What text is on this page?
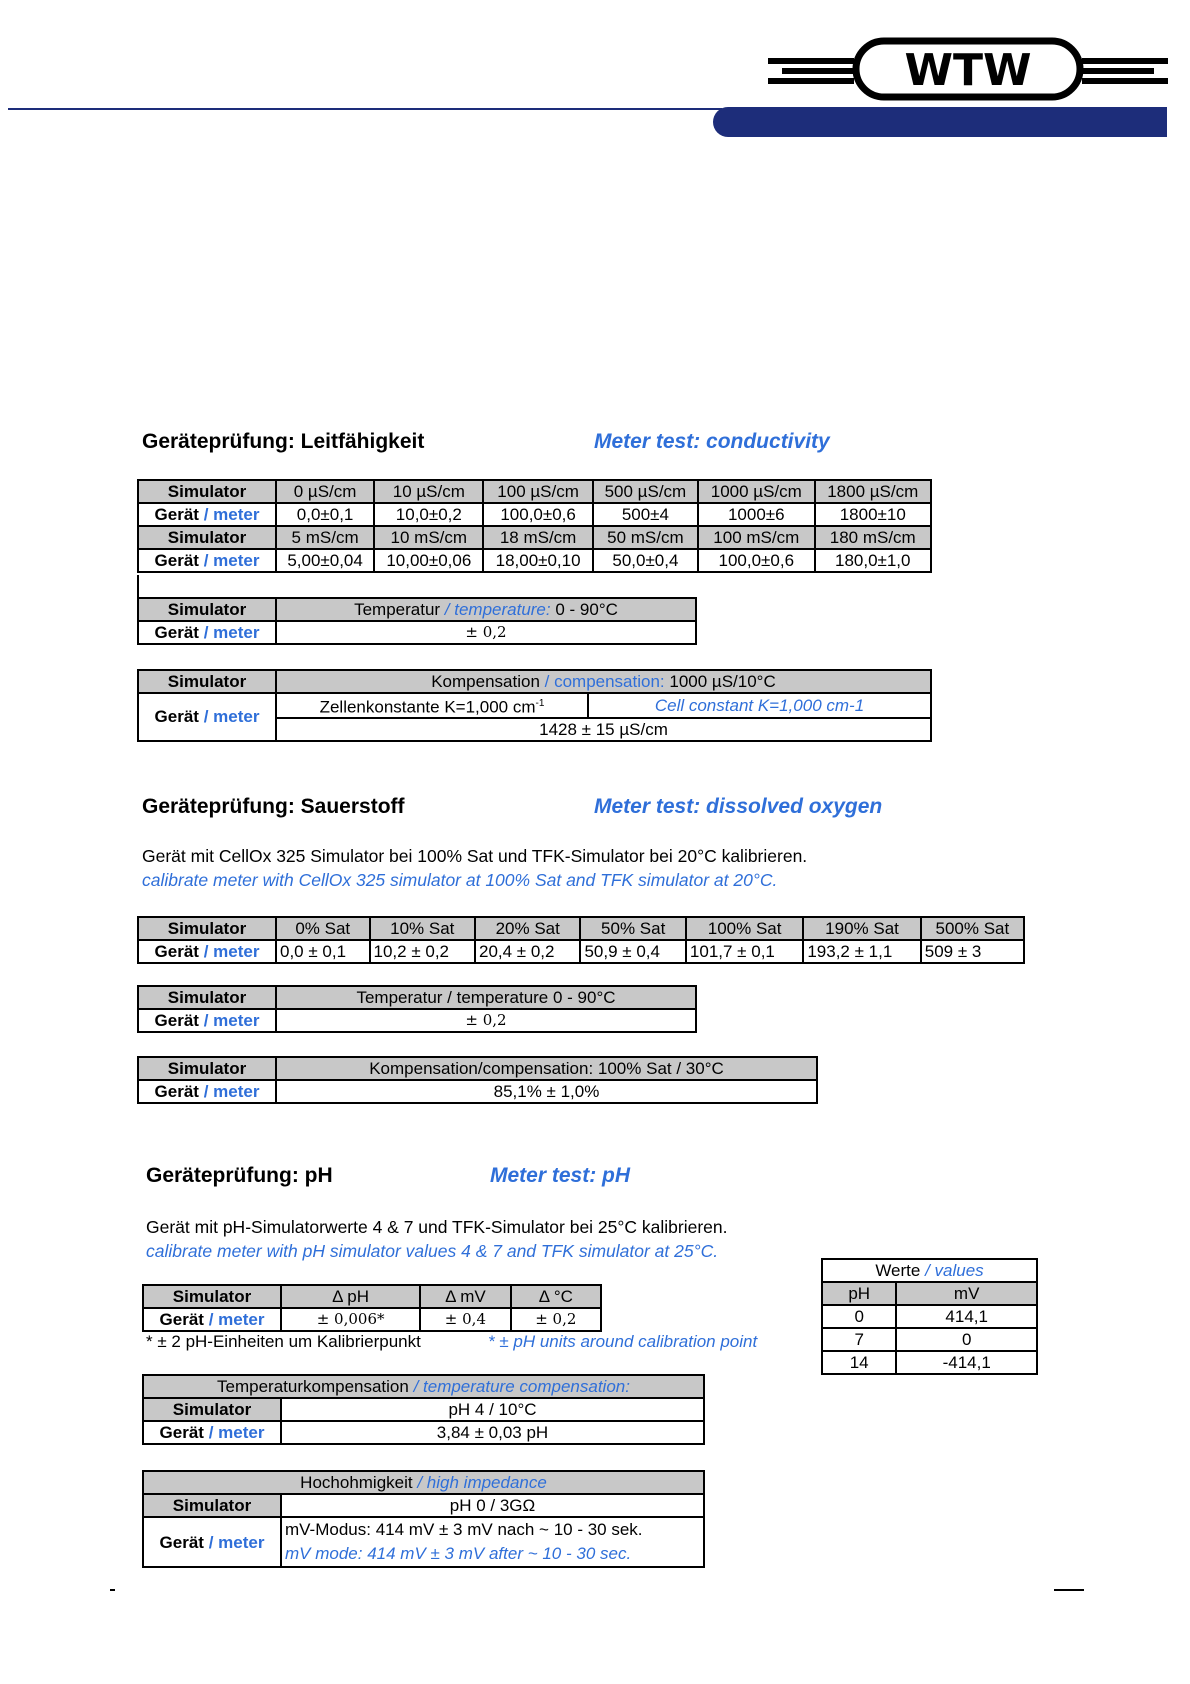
WTW
Geräteprüfung: Leitfähigkeit	Meter test: conductivity
Simulator	0 µS/cm	10 µS/cm	100 µS/cm	500 µS/cm	1000 µS/cm	1800 µS/cm
Gerät / meter	0,0±0,1	10,0±0,2	100,0±0,6	500±4	1000±6	1800±10
Simulator	5 mS/cm	10 mS/cm	18 mS/cm	50 mS/cm	100 mS/cm	180 mS/cm
Gerät / meter	5,00±0,04	10,00±0,06	18,00±0,10	50,0±0,4	100,0±0,6	180,0±1,0
Simulator	Temperatur / temperature: 0 - 90°C
Gerät / meter	± 0,2
Simulator	Kompensation / compensation: 1000 µS/10°C	
Gerät / meter	Zellenkonstante K=1,000 $cm^{-1}$	Cell constant K=1,000 cm-1
	1428 ± 15 µS/cm	
Geräteprüfung: Sauerstoff	Meter test: dissolved oxygen
Gerät mit CellOx 325 Simulator bei 100% Sat und TFK-Simulator bei 20°C kalibrieren.
calibrate meter with CellOx 325 simulator at 100% Sat and TFK simulator at 20°C.
Simulator	0% Sat	10% Sat	20% Sat	50% Sat	100% Sat	190% Sat	500% Sat
Gerät / meter	0,0 ± 0,1	10,2 ± 0,2	20,4 ± 0,2	50,9 ± 0,4	101,7 ± 0,1	193,2 ± 1,1	509 ± 3
Simulator	Temperatur / temperature 0 - 90°C
Gerät / meter	± 0,2
Simulator	Kompensation/compensation: 100% Sat / 30°C
Gerät / meter	85,1% ± 1,0%
Geräteprüfung: pH	Meter test: pH
Gerät mit pH-Simulatorwerte 4 & 7 und TFK-Simulator bei 25°C kalibrieren.
calibrate meter with pH simulator values 4 & 7 and TFK simulator at 25°C.
Simulator	Δ pH	Δ mV	Δ °C
Gerät / meter	± 0,006*	± 0,4	± 0,2
* ± 2 pH-Einheiten um Kalibrierpunkt	* ± pH units around calibration point
Werte / values	
pH	mV
0	414,1
7	0
14	-414,1
Temperaturkompensation / temperature compensation:	
Simulator	pH 4 / 10°C
Gerät / meter	3,84 ± 0,03 pH
Hochohmigkeit / high impedance	
Simulator	pH 0 / 3GΩ
Gerät / meter	mV-Modus: 414 mV ± 3 mV nach ~ 10 - 30 sek.
mV mode: 414 mV ± 3 mV after ~ 10 - 30 sec.
